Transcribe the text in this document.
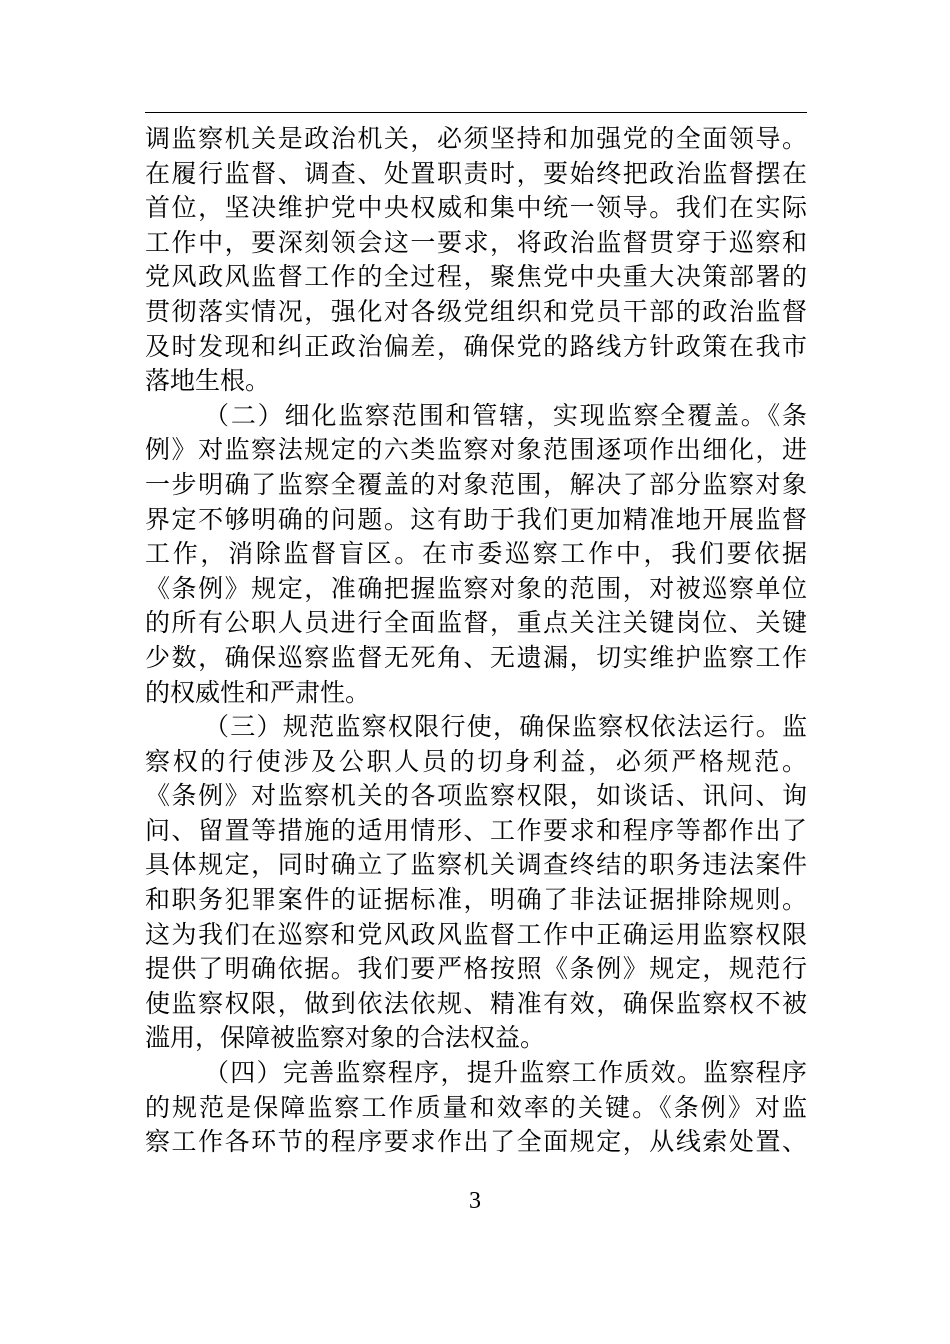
调监察机关是政治机关，必须坚持和加强党的全面领导。
在履行监督、调查、处置职责时，要始终把政治监督摆在
首位，坚决维护党中央权威和集中统一领导。我们在实际
工作中，要深刻领会这一要求，将政治监督贯穿于巡察和
党风政风监督工作的全过程，聚焦党中央重大决策部署的
贯彻落实情况，强化对各级党组织和党员干部的政治监督
及时发现和纠正政治偏差，确保党的路线方针政策在我市
落地生根。
（二）细化监察范围和管辖，实现监察全覆盖。《条
例》对监察法规定的六类监察对象范围逐项作出细化，进
一步明确了监察全覆盖的对象范围，解决了部分监察对象
界定不够明确的问题。这有助于我们更加精准地开展监督
工作，消除监督盲区。在市委巡察工作中，我们要依据
《条例》规定，准确把握监察对象的范围，对被巡察单位
的所有公职人员进行全面监督，重点关注关键岗位、关键
少数，确保巡察监督无死角、无遗漏，切实维护监察工作
的权威性和严肃性。
（三）规范监察权限行使，确保监察权依法运行。监
察权的行使涉及公职人员的切身利益，必须严格规范。
《条例》对监察机关的各项监察权限，如谈话、讯问、询
问、留置等措施的适用情形、工作要求和程序等都作出了
具体规定，同时确立了监察机关调查终结的职务违法案件
和职务犯罪案件的证据标准，明确了非法证据排除规则。
这为我们在巡察和党风政风监督工作中正确运用监察权限
提供了明确依据。我们要严格按照《条例》规定，规范行
使监察权限，做到依法依规、精准有效，确保监察权不被
滥用，保障被监察对象的合法权益。
（四）完善监察程序，提升监察工作质效。监察程序
的规范是保障监察工作质量和效率的关键。《条例》对监
察工作各环节的程序要求作出了全面规定，从线索处置、
3
